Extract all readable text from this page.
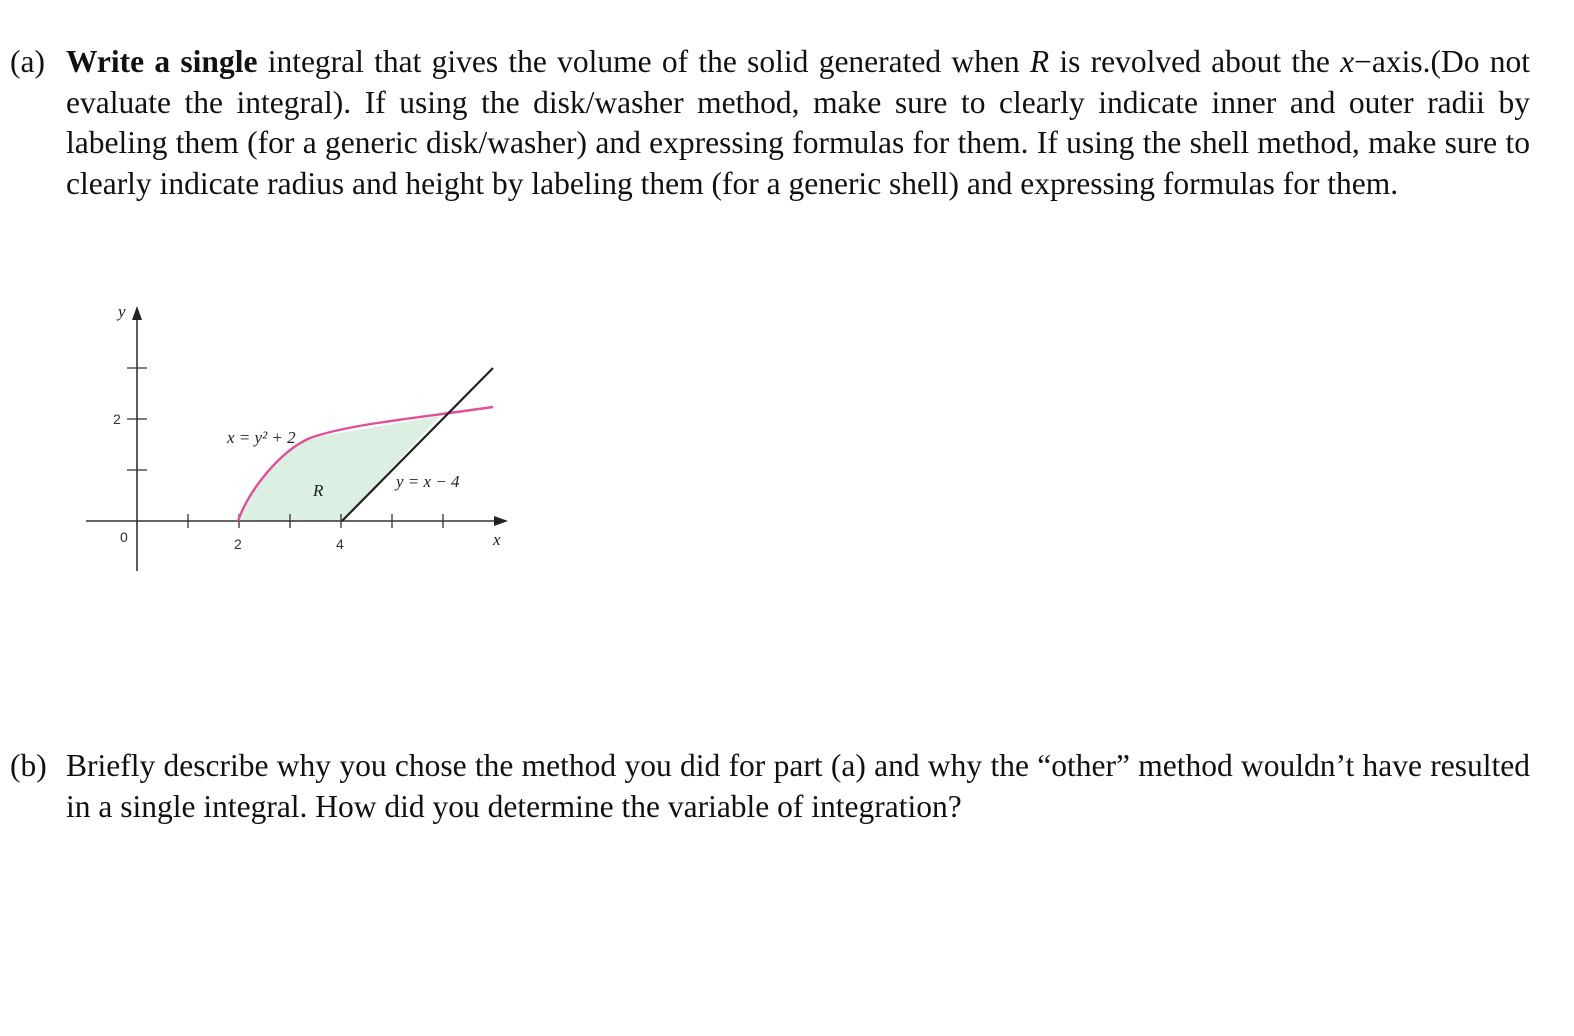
(a) Write a single integral that gives the volume of the solid generated when R is revolved about the x−axis.(Do not evaluate the integral). If using the disk/washer method, make sure to clearly indicate inner and outer radii by labeling them (for a generic disk/washer) and expressing formulas for them. If using the shell method, make sure to clearly indicate radius and height by labeling them (for a generic shell) and expressing formulas for them.
y
x
0
2
2	4
x = y² + 2
y = x − 4
R
(b) Briefly describe why you chose the method you did for part (a) and why the “other” method wouldn’t have resulted in a single integral. How did you determine the variable of integration?
